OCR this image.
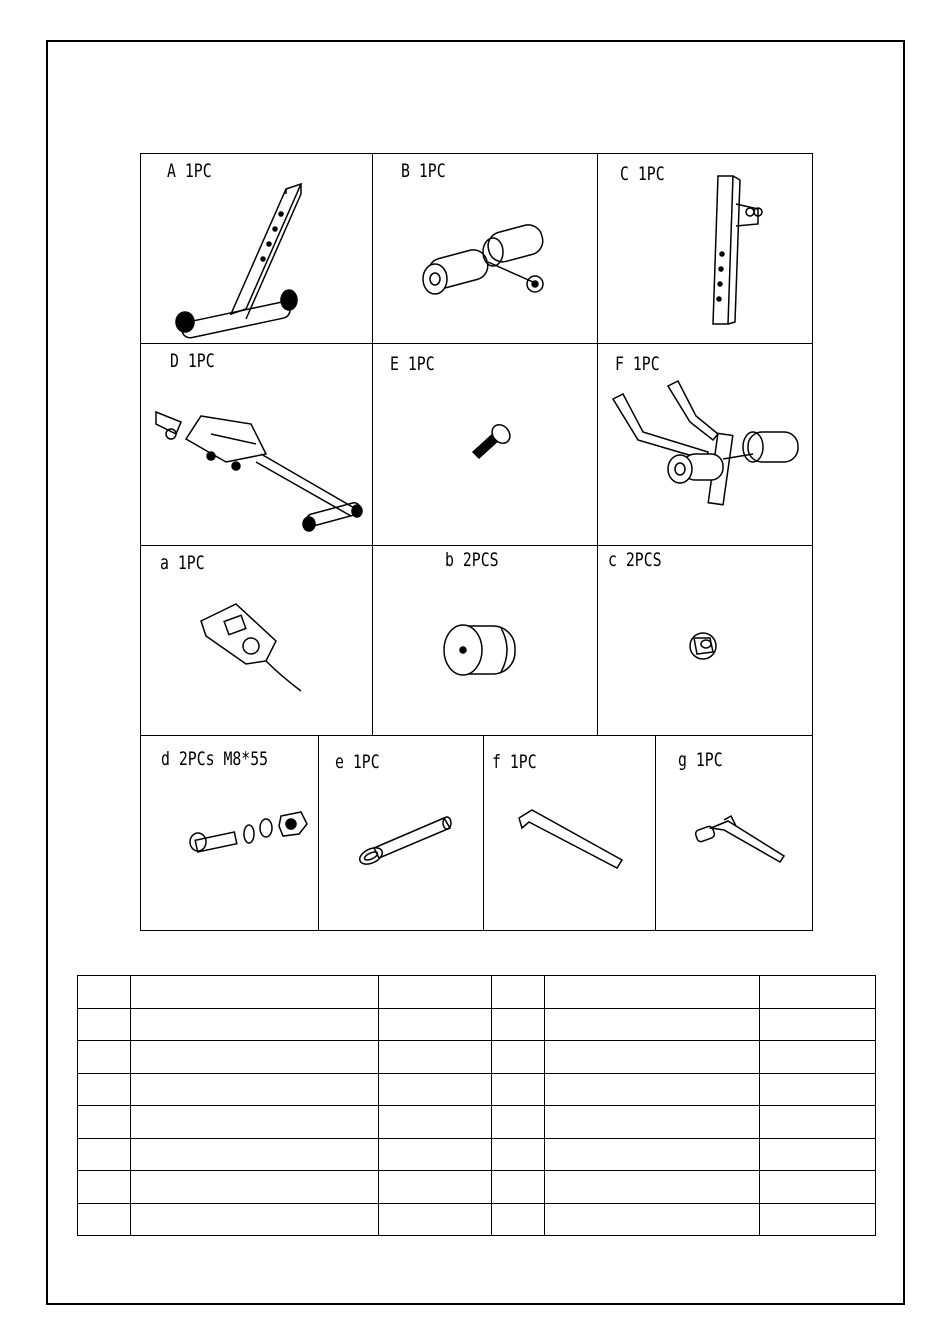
A 1PC	B 1PC	C 1PC
D 1PC	E 1PC	F 1PC
a 1PC	b 2PCS	c 2PCS
d 2PCs M8*55	e 1PC	f 1PC	g 1PC
